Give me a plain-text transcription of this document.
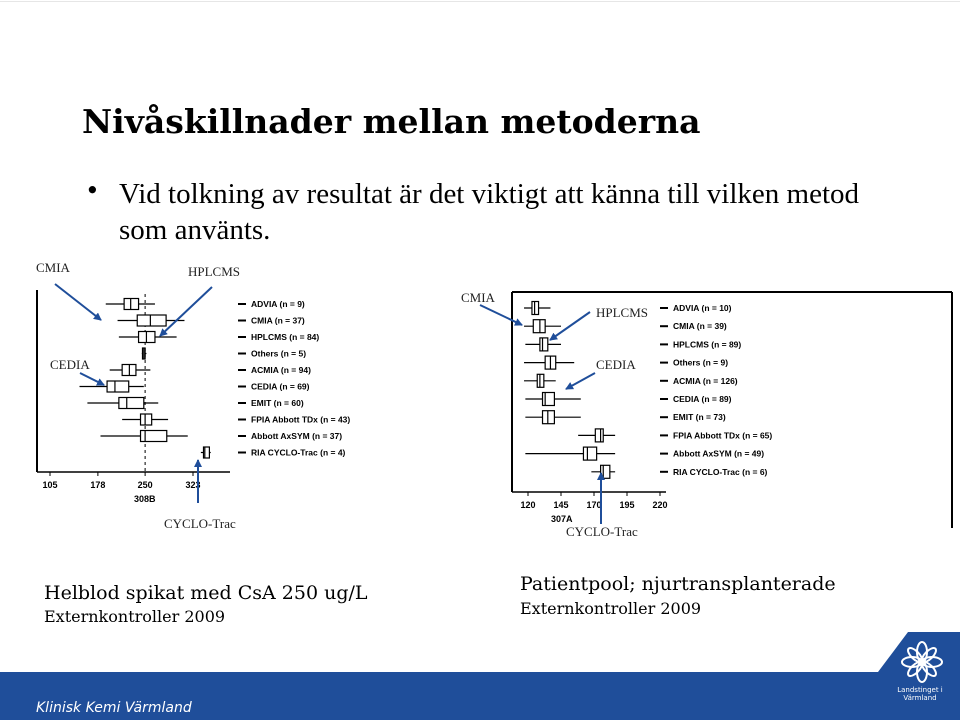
Nivåskillnader mellan metoderna
• Vid tolkning av resultat är det viktigt att känna till vilken metod som använts.
105	178	250	323
308B
ADVIA (n = 9)
CMIA (n = 37)
HPLCMS (n = 84)
Others (n = 5)
ACMIA (n = 94)
CEDIA (n = 69)
EMIT (n = 60)
FPIA Abbott TDx (n = 43)
Abbott AxSYM (n = 37)
RIA CYCLO-Trac (n = 4)
120 145 170 195 220
307A
ADVIA (n = 10)
CMIA (n = 39)
HPLCMS (n = 89)
Others (n = 9)
ACMIA (n = 126)
CEDIA (n = 89)
EMIT (n = 73)
FPIA Abbott TDx (n = 65)
Abbott AxSYM (n = 49)
RIA CYCLO-Trac (n = 6)
CMIA	HPLCMS
CEDIA
CYCLO-Trac
CMIA
HPLCMS
CEDIA
CYCLO-Trac
Helblod spikat med CsA 250 ug/L
Externkontroller 2009
Patientpool; njurtransplanterade
Externkontroller 2009
Landstinget i Värmland
Klinisk Kemi Värmland
